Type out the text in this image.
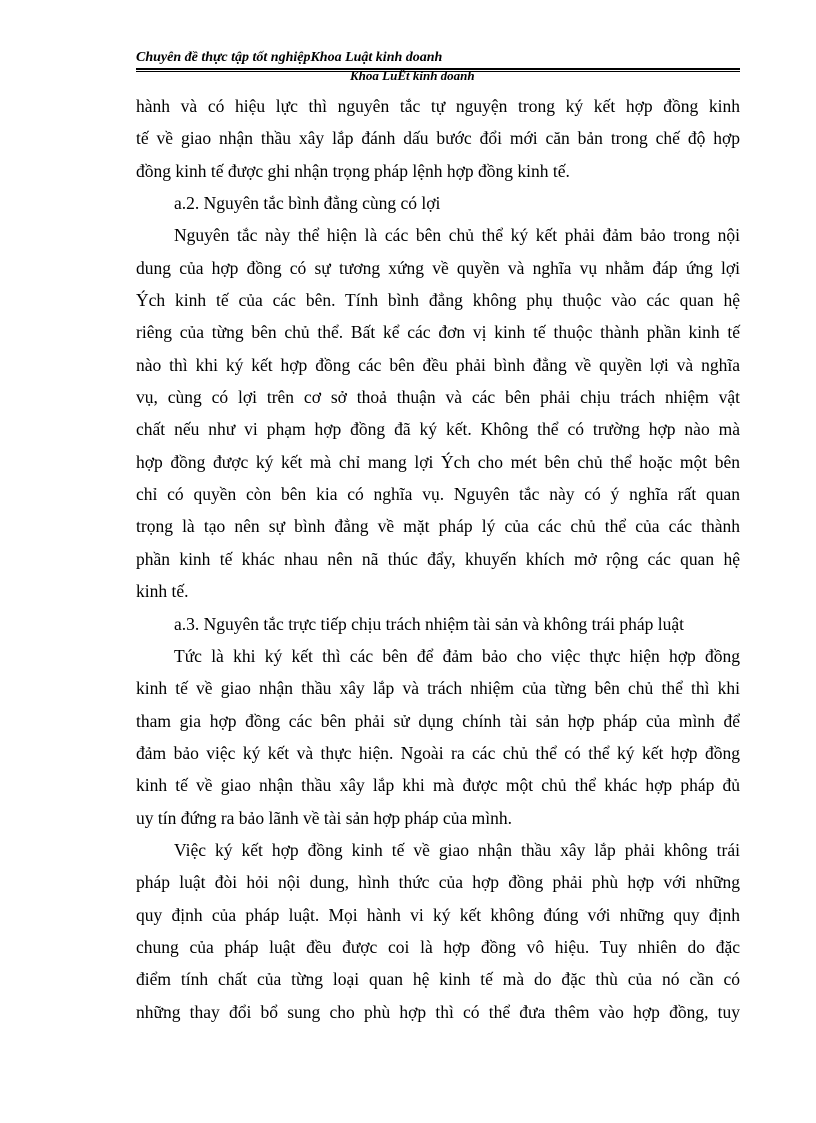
Chuyên đề thực tập tốt nghiệpKhoa Luật kinh doanh
Khoa LuËt kinh doanh
hành và có hiệu lực thì nguyên tắc tự nguyện trong ký kết hợp đồng kinh
tế về giao nhận thầu xây lắp đánh dấu bước đổi mới căn bản trong chế độ hợp
đồng kinh tế được ghi nhận trọng pháp lệnh hợp đồng kinh tế.
a.2. Nguyên tắc bình đẳng cùng có lợi
Nguyên tắc này thể hiện là các bên chủ thể ký kết phải đảm bảo trong nội
dung của hợp đồng có sự tương xứng về quyền và nghĩa vụ nhằm đáp ứng lợi
Ých kinh tế của các bên. Tính bình đẳng không phụ thuộc vào các quan hệ
riêng của từng bên chủ thể. Bất kể các đơn vị kinh tế thuộc thành phần kinh tế
nào thì khi ký kết hợp đồng các bên đều phải bình đẳng về quyền lợi và nghĩa
vụ, cùng có lợi trên cơ sở thoả thuận và các bên phải chịu trách nhiệm vật
chất nếu như vi phạm hợp đồng đã ký kết. Không thể có trường hợp nào mà
hợp đồng được ký kết mà chỉ mang lợi Ých cho mét bên chủ thể hoặc một bên
chỉ có quyền còn bên kia có nghĩa vụ. Nguyên tắc này có ý nghĩa rất quan
trọng là tạo nên sự bình đẳng về mặt pháp lý của các chủ thể của các thành
phần kinh tế khác nhau nên nã thúc đẩy, khuyến khích mở rộng các quan hệ
kinh tế.
a.3. Nguyên tắc trực tiếp chịu trách nhiệm tài sản và không trái pháp luật
Tức là khi ký kết thì các bên để đảm bảo cho việc thực hiện hợp đồng
kinh tế về giao nhận thầu xây lắp và trách nhiệm của từng bên chủ thể thì khi
tham gia hợp đồng các bên phải sử dụng chính tài sản hợp pháp của mình để
đảm bảo việc ký kết và thực hiện. Ngoài ra các chủ thể có thể ký kết hợp đồng
kinh tế về giao nhận thầu xây lắp khi mà được một chủ thể khác hợp pháp đủ
uy tín đứng ra bảo lãnh về tài sản hợp pháp của mình.
Việc ký kết hợp đồng kinh tế về giao nhận thầu xây lắp phải không trái
pháp luật đòi hỏi nội dung, hình thức của hợp đồng phải phù hợp với những
quy định của pháp luật. Mọi hành vi ký kết không đúng với những quy định
chung của pháp luật đều được coi là hợp đồng vô hiệu. Tuy nhiên do đặc
điểm tính chất của từng loại quan hệ kinh tế mà do đặc thù của nó cần có
những thay đổi bổ sung cho phù hợp thì có thể đưa thêm vào hợp đồng, tuy
